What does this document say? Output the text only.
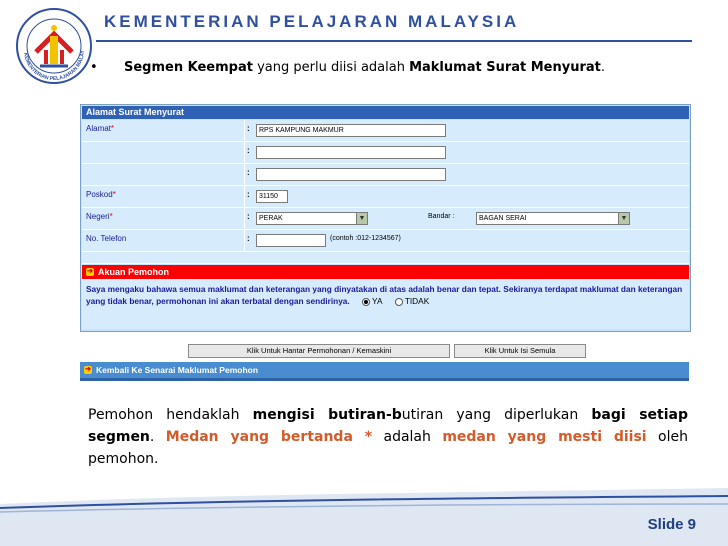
KEMENTERIAN PELAJARAN MALAY
KEMENTERIAN PELAJARAN MALAYSIA
• Segmen Keempat yang perlu diisi adalah Maklumat Surat Menyurat.
Alamat Surat Menyurat
Alamat*	:	RPS KAMPUNG MAKMUR
:
:
Poskod*	:	31150
Negeri*	:	PERAK	▼	Bandar :	BAGAN SERAI	▼
No. Telefon	:	(contoh :012-1234567)
➔ Akuan Pemohon
Saya mengaku bahawa semua maklumat dan keterangan yang dinyatakan di atas adalah benar dan tepat. Sekiranya terdapat maklumat dan keterangan yang tidak benar, permohonan ini akan terbatal dengan sendirinya.	YA	TIDAK
Klik Untuk Hantar Permohonan / Kemaskini	Klik Untuk Isi Semula
➔ Kembali Ke Senarai Maklumat Pemohon
Pemohon hendaklah mengisi butiran-butiran yang diperlukan bagi setiap segmen. Medan yang bertanda * adalah medan yang mesti diisi oleh pemohon.
Slide 9
